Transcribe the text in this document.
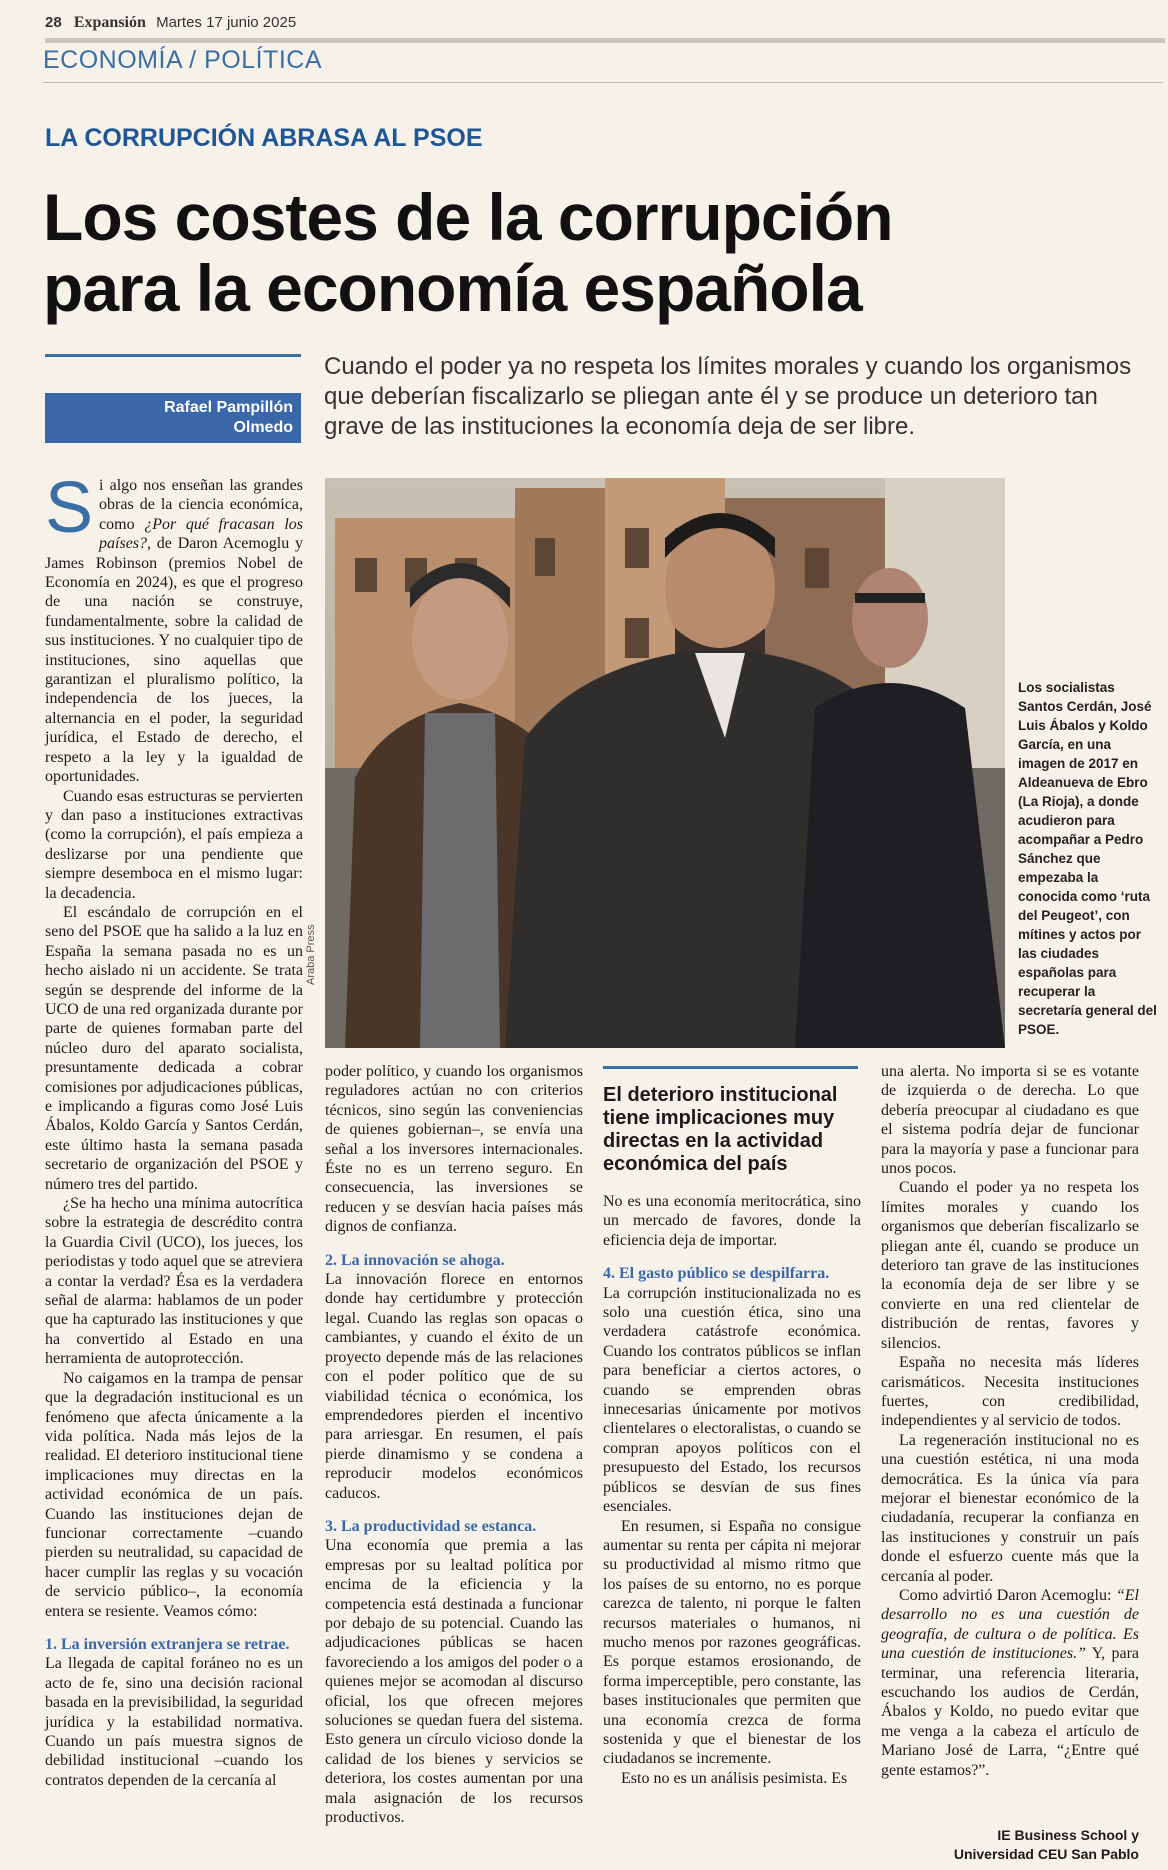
28 Expansión Martes 17 junio 2025
ECONOMÍA / POLÍTICA
LA CORRUPCIÓN ABRASA AL PSOE
Los costes de la corrupción
para la economía española
Rafael Pampillón
Olmedo
Cuando el poder ya no respeta los límites morales y cuando los organismos que deberían fiscalizarlo se pliegan ante él y se produce un deterioro tan grave de las instituciones la economía deja de ser libre.
Araba Press
Los socialistas Santos Cerdán, José Luis Ábalos y Koldo García, en una imagen de 2017 en Aldeanueva de Ebro (La Rioja), a donde acudieron para acompañar a Pedro Sánchez que empezaba la conocida como ‘ruta del Peugeot’, con mítines y actos por las ciudades españolas para recuperar la secretaría general del PSOE.

Si algo nos enseñan las grandes obras de la ciencia económica, como ¿Por qué fracasan los países?, de Daron Acemoglu y James Robinson (premios Nobel de Economía en 2024), es que el progreso de una nación se construye, fundamentalmente, sobre la calidad de sus instituciones. Y no cualquier tipo de instituciones, sino aquellas que garantizan el pluralismo político, la independencia de los jueces, la alternancia en el poder, la seguridad jurídica, el Estado de derecho, el respeto a la ley y la igualdad de oportunidades.

Cuando esas estructuras se pervierten y dan paso a instituciones extractivas (como la corrupción), el país empieza a deslizarse por una pendiente que siempre desemboca en el mismo lugar: la decadencia.

El escándalo de corrupción en el seno del PSOE que ha salido a la luz en España la semana pasada no es un hecho aislado ni un accidente. Se trata según se desprende del informe de la UCO de una red organizada durante por parte de quienes formaban parte del núcleo duro del aparato socialista, presuntamente dedicada a cobrar comisiones por adjudicaciones públicas, e implicando a figuras como José Luis Ábalos, Koldo García y Santos Cerdán, este último hasta la semana pasada secretario de organización del PSOE y número tres del partido.

¿Se ha hecho una mínima autocrítica sobre la estrategia de descrédito contra la Guardia Civil (UCO), los jueces, los periodistas y todo aquel que se atreviera a contar la verdad? Ésa es la verdadera señal de alarma: hablamos de un poder que ha capturado las instituciones y que ha convertido al Estado en una herramienta de autoprotección.

No caigamos en la trampa de pensar que la degradación institucional es un fenómeno que afecta únicamente a la vida política. Nada más lejos de la realidad. El deterioro institucional tiene implicaciones muy directas en la actividad económica de un país. Cuando las instituciones dejan de funcionar correctamente –cuando pierden su neutralidad, su capacidad de hacer cumplir las reglas y su vocación de servicio público–, la economía entera se resiente. Veamos cómo:

1. La inversión extranjera se retrae.

La llegada de capital foráneo no es un acto de fe, sino una decisión racional basada en la previsibilidad, la seguridad jurídica y la estabilidad normativa. Cuando un país muestra signos de debilidad institucional –cuando los contratos dependen de la cercanía al

poder político, y cuando los organismos reguladores actúan no con criterios técnicos, sino según las conveniencias de quienes gobiernan–, se envía una señal a los inversores internacionales. Éste no es un terreno seguro. En consecuencia, las inversiones se reducen y se desvían hacia países más dignos de confianza.

2. La innovación se ahoga.

La innovación florece en entornos donde hay certidumbre y protección legal. Cuando las reglas son opacas o cambiantes, y cuando el éxito de un proyecto depende más de las relaciones con el poder político que de su viabilidad técnica o económica, los emprendedores pierden el incentivo para arriesgar. En resumen, el país pierde dinamismo y se condena a reproducir modelos económicos caducos.

3. La productividad se estanca.

Una economía que premia a las empresas por su lealtad política por encima de la eficiencia y la competencia está destinada a funcionar por debajo de su potencial. Cuando las adjudicaciones públicas se hacen favoreciendo a los amigos del poder o a quienes mejor se acomodan al discurso oficial, los que ofrecen mejores soluciones se quedan fuera del sistema. Esto genera un círculo vicioso donde la calidad de los bienes y servicios se deteriora, los costes aumentan por una mala asignación de los recursos productivos.

El deterioro institucional tiene implicaciones muy directas en la actividad económica del país

No es una economía meritocrática, sino un mercado de favores, donde la eficiencia deja de importar.

4. El gasto público se despilfarra.

La corrupción institucionalizada no es solo una cuestión ética, sino una verdadera catástrofe económica. Cuando los contratos públicos se inflan para beneficiar a ciertos actores, o cuando se emprenden obras innecesarias únicamente por motivos clientelares o electoralistas, o cuando se compran apoyos políticos con el presupuesto del Estado, los recursos públicos se desvían de sus fines esenciales.

En resumen, si España no consigue aumentar su renta per cápita ni mejorar su productividad al mismo ritmo que los países de su entorno, no es porque carezca de talento, ni porque le falten recursos materiales o humanos, ni mucho menos por razones geográficas. Es porque estamos erosionando, de forma imperceptible, pero constante, las bases institucionales que permiten que una economía crezca de forma sostenida y que el bienestar de los ciudadanos se incremente.

Esto no es un análisis pesimista. Es

una alerta. No importa si se es votante de izquierda o de derecha. Lo que debería preocupar al ciudadano es que el sistema podría dejar de funcionar para la mayoría y pase a funcionar para unos pocos.

Cuando el poder ya no respeta los límites morales y cuando los organismos que deberían fiscalizarlo se pliegan ante él, cuando se produce un deterioro tan grave de las instituciones la economía deja de ser libre y se convierte en una red clientelar de distribución de rentas, favores y silencios.

España no necesita más líderes carismáticos. Necesita instituciones fuertes, con credibilidad, independientes y al servicio de todos.

La regeneración institucional no es una cuestión estética, ni una moda democrática. Es la única vía para mejorar el bienestar económico de la ciudadanía, recuperar la confianza en las instituciones y construir un país donde el esfuerzo cuente más que la cercanía al poder.

Como advirtió Daron Acemoglu: “El desarrollo no es una cuestión de geografía, de cultura o de política. Es una cuestión de instituciones.” Y, para terminar, una referencia literaria, escuchando los audios de Cerdán, Ábalos y Koldo, no puedo evitar que me venga a la cabeza el artículo de Mariano José de Larra, “¿Entre qué gente estamos?”.

IE Business School y
Universidad CEU San Pablo
